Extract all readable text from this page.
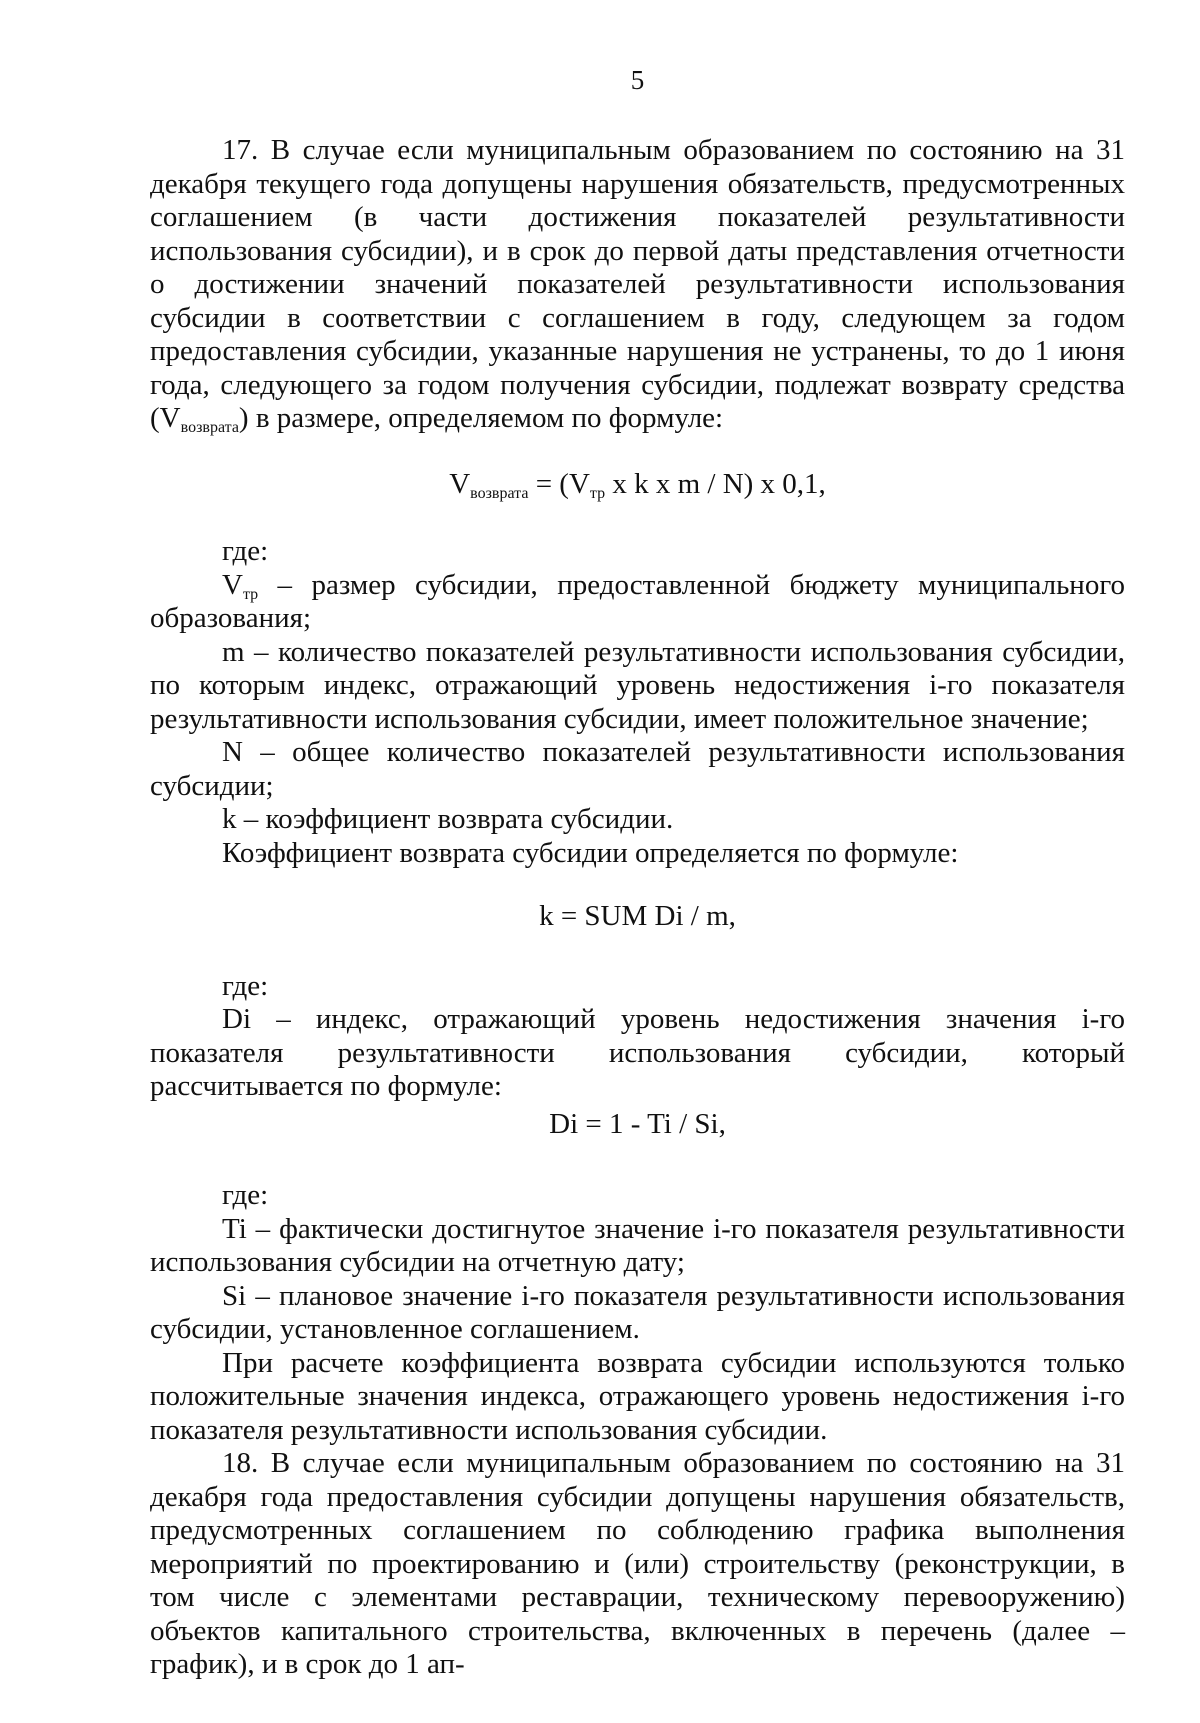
5

17. В случае если муниципальным образованием по состоянию на 31 декабря текущего года допущены нарушения обязательств, предусмотренных соглашением (в части достижения показателей результативности использования субсидии), и в срок до первой даты представления отчетности о достижении значений показателей результативности использования субсидии в соответствии с соглашением в году, следующем за годом предоставления субсидии, указанные нарушения не устранены, то до 1 июня года, следующего за годом получения субсидии, подлежат возврату средства $(V_{возврата})$ в размере, определяемом по формуле:

$V_{возврата} = (V_{тр}$ x k x m / N) x 0,1,

где:

$V_{тр}$ – размер субсидии, предоставленной бюджету муниципального образования;

m – количество показателей результативности использования субсидии, по которым индекс, отражающий уровень недостижения i-го показателя результативности использования субсидии, имеет положительное значение;

N – общее количество показателей результативности использования субсидии;

k – коэффициент возврата субсидии.

Коэффициент возврата субсидии определяется по формуле:

k = SUM Di / m,

где:

Di – индекс, отражающий уровень недостижения значения i-го показателя результативности использования субсидии, который рассчитывается по формуле:

Di = 1 - Ti / Si,

где:

Ti – фактически достигнутое значение i-го показателя результативности использования субсидии на отчетную дату;

Si – плановое значение i-го показателя результативности использования субсидии, установленное соглашением.

При расчете коэффициента возврата субсидии используются только положительные значения индекса, отражающего уровень недостижения i-го показателя результативности использования субсидии.

18. В случае если муниципальным образованием по состоянию на 31 декабря года предоставления субсидии допущены нарушения обязательств, предусмотренных соглашением по соблюдению графика выполнения мероприятий по проектированию и (или) строительству (реконструкции, в том числе с элементами реставрации, техническому перевооружению) объектов капитального строительства, включенных в перечень (далее – график), и в срок до 1 ап-
